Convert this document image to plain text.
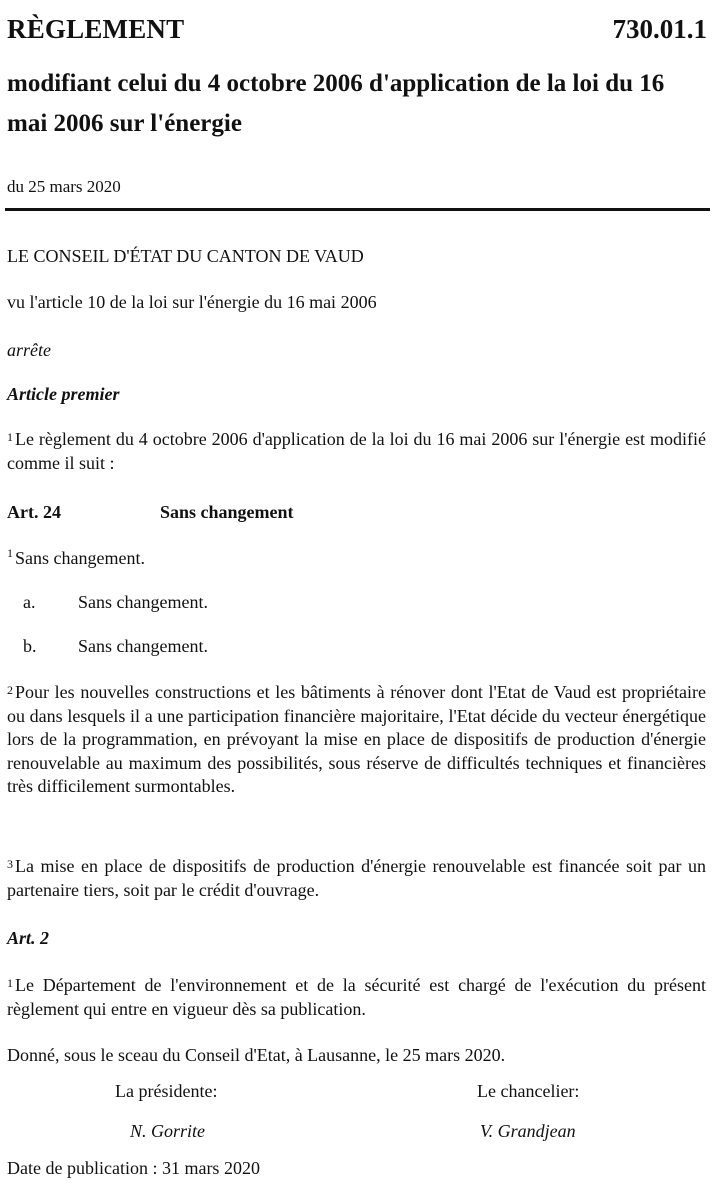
RÈGLEMENT	730.01.1
modifiant celui du 4 octobre 2006 d'application de la loi du 16 mai 2006 sur l'énergie
du 25 mars 2020
LE CONSEIL D'ÉTAT DU CANTON DE VAUD
vu l'article 10 de la loi sur l'énergie du 16 mai 2006
arrête
Article premier
$^1$ Le règlement du 4 octobre 2006 d'application de la loi du 16 mai 2006 sur l'énergie est modifié comme il suit :
Art. 24	Sans changement
$^1$ Sans changement.
a. Sans changement.
b. Sans changement.
$^2$ Pour les nouvelles constructions et les bâtiments à rénover dont l'Etat de Vaud est propriétaire ou dans lesquels il a une participation financière majoritaire, l'Etat décide du vecteur énergétique lors de la programmation, en prévoyant la mise en place de dispositifs de production d'énergie renouvelable au maximum des possibilités, sous réserve de difficultés techniques et financières très difficilement surmontables.
$^3$ La mise en place de dispositifs de production d'énergie renouvelable est financée soit par un partenaire tiers, soit par le crédit d'ouvrage.
Art. 2
$^1$ Le Département de l'environnement et de la sécurité est chargé de l'exécution du présent règlement qui entre en vigueur dès sa publication.
Donné, sous le sceau du Conseil d'Etat, à Lausanne, le 25 mars 2020.
La présidente:
N. Gorrite
Le chancelier:
V. Grandjean
Date de publication : 31 mars 2020
